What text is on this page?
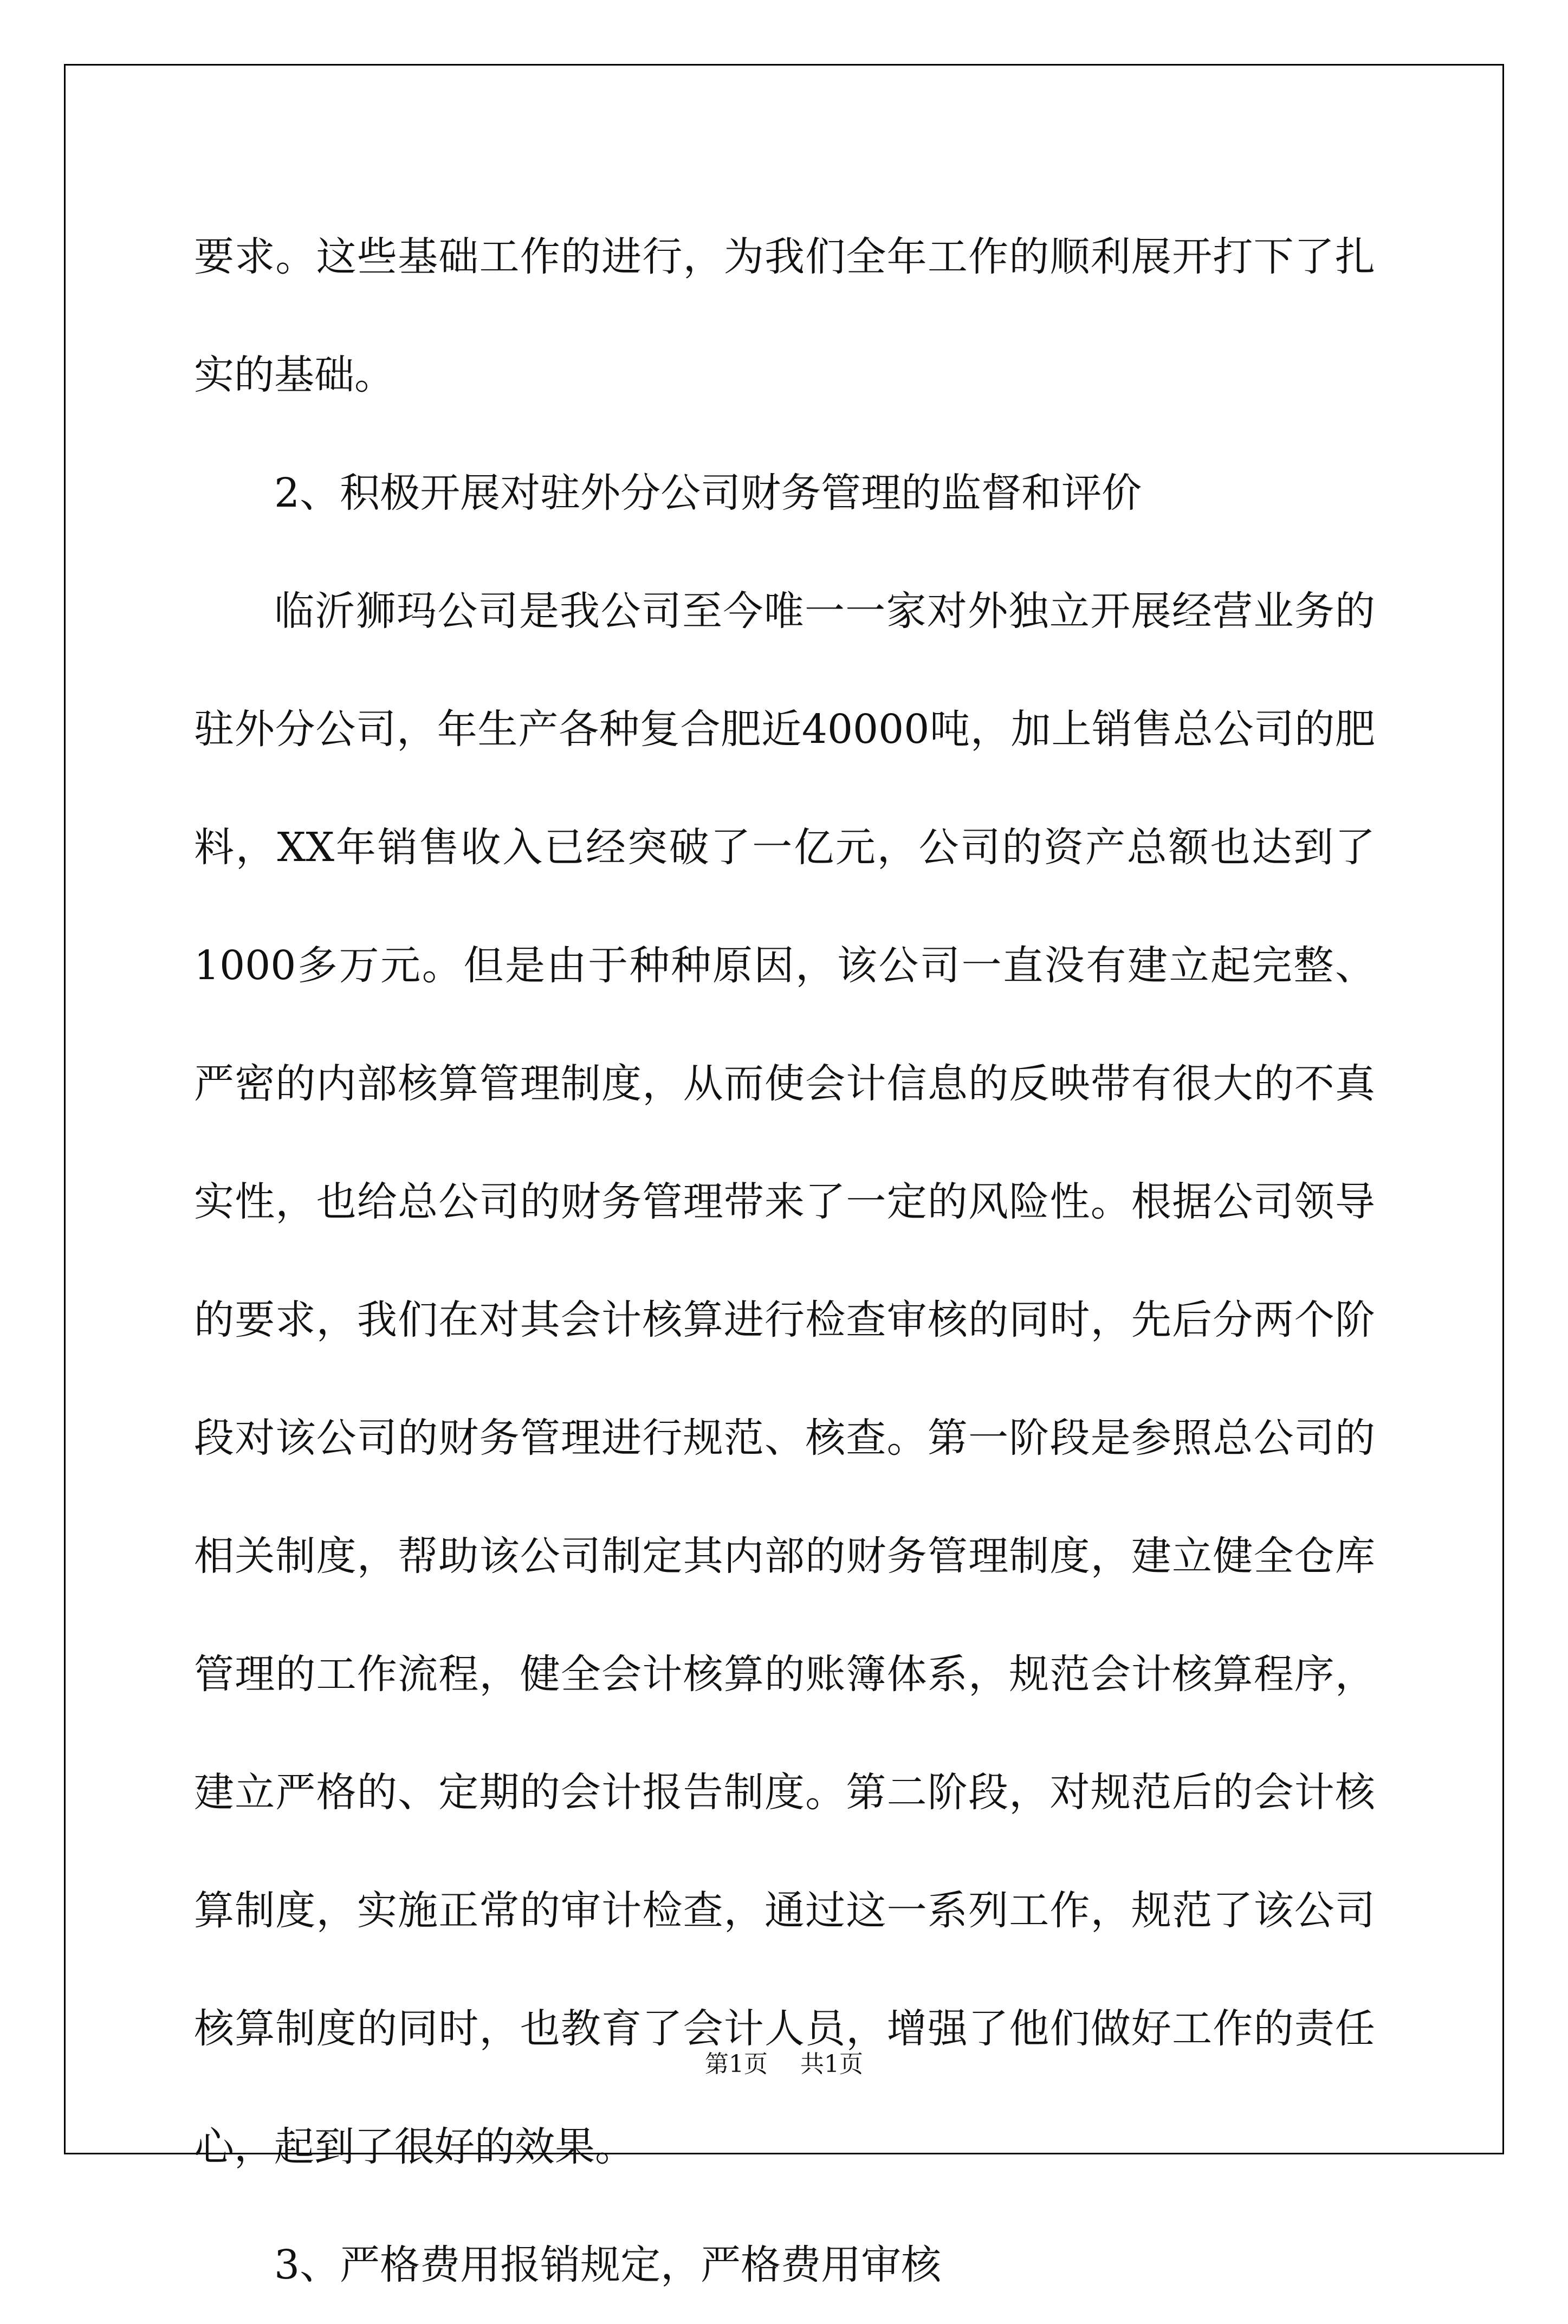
要求。这些基础工作的进行，为我们全年工作的顺利展开打下了扎实的基础。

2、积极开展对驻外分公司财务管理的监督和评价

临沂狮玛公司是我公司至今唯一一家对外独立开展经营业务的驻外分公司，年生产各种复合肥近40000吨，加上销售总公司的肥料，XX年销售收入已经突破了一亿元，公司的资产总额也达到了1000多万元。但是由于种种原因，该公司一直没有建立起完整、严密的内部核算管理制度，从而使会计信息的反映带有很大的不真实性，也给总公司的财务管理带来了一定的风险性。根据公司领导的要求，我们在对其会计核算进行检查审核的同时，先后分两个阶段对该公司的财务管理进行规范、核查。第一阶段是参照总公司的相关制度，帮助该公司制定其内部的财务管理制度，建立健全仓库管理的工作流程，健全会计核算的账簿体系，规范会计核算程序，建立严格的、定期的会计报告制度。第二阶段，对规范后的会计核算制度，实施正常的审计检查，通过这一系列工作，规范了该公司核算制度的同时，也教育了会计人员，增强了他们做好工作的责任心，起到了很好的效果。

3、严格费用报销规定，严格费用审核

第1页 共1页
